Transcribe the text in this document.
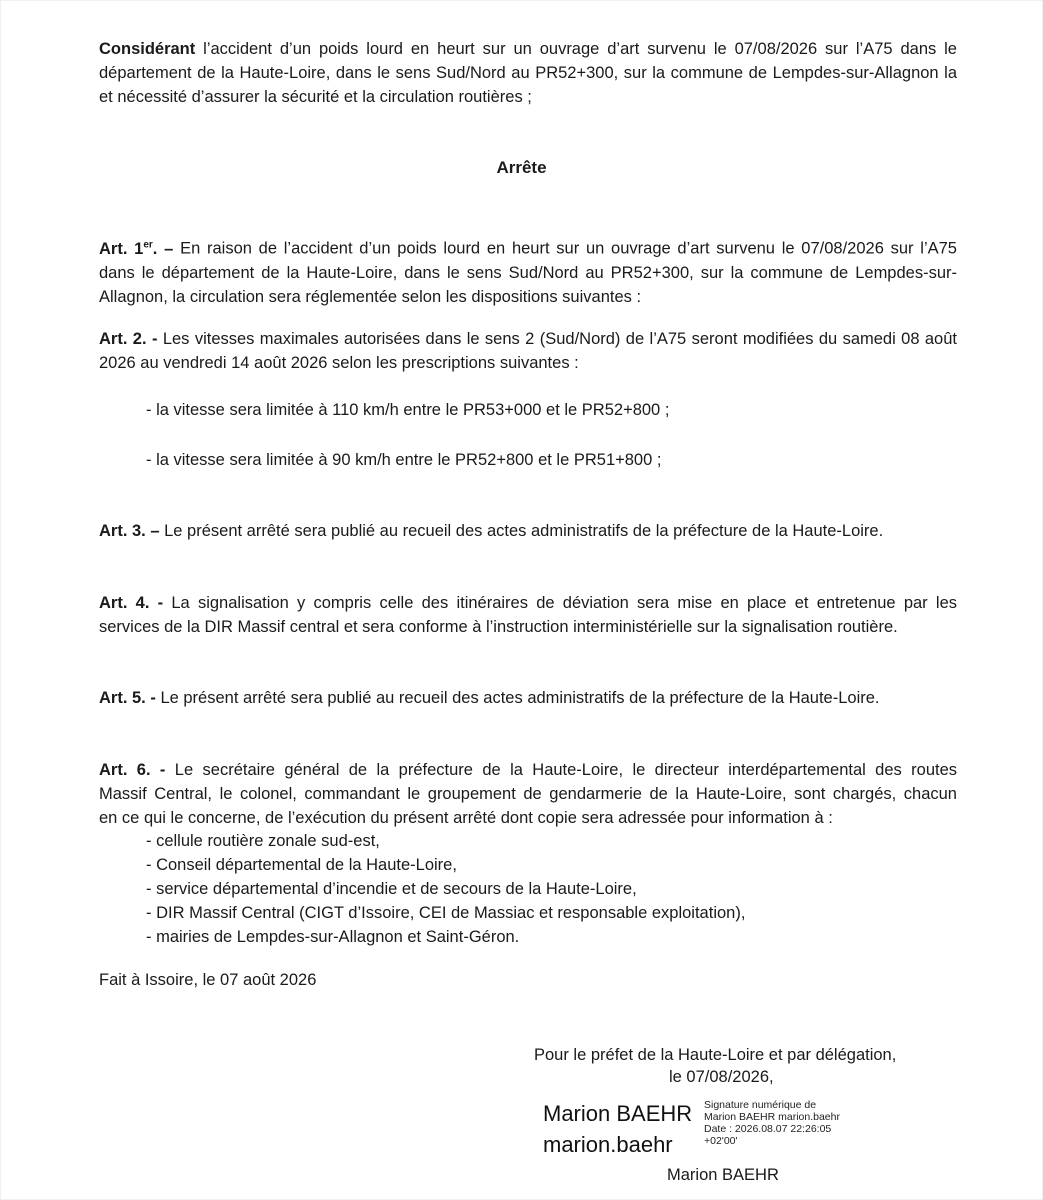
Considérant l’accident d’un poids lourd en heurt sur un ouvrage d’art survenu le 07/08/2026 sur l’A75 dans le
département de la Haute-Loire, dans le sens Sud/Nord au PR52+300, sur la commune de Lempdes-sur-Allagnon la
et nécessité d’assurer la sécurité et la circulation routières ;
Arrête
Art. 1er. – En raison de l’accident d’un poids lourd en heurt sur un ouvrage d’art survenu le 07/08/2026 sur l’A75
dans le département de la Haute-Loire, dans le sens Sud/Nord au PR52+300, sur la commune de Lempdes-sur-
Allagnon, la circulation sera réglementée selon les dispositions suivantes :
Art. 2. - Les vitesses maximales autorisées dans le sens 2 (Sud/Nord) de l’A75 seront modifiées du samedi 08 août
2026 au vendredi 14 août 2026 selon les prescriptions suivantes :
- la vitesse sera limitée à 110 km/h entre le PR53+000 et le PR52+800 ;
- la vitesse sera limitée à 90 km/h entre le PR52+800 et le PR51+800 ;
Art. 3. – Le présent arrêté sera publié au recueil des actes administratifs de la préfecture de la Haute-Loire.
Art. 4. - La signalisation y compris celle des itinéraires de déviation sera mise en place et entretenue par les
services de la DIR Massif central et sera conforme à l’instruction interministérielle sur la signalisation routière.
Art. 5. - Le présent arrêté sera publié au recueil des actes administratifs de la préfecture de la Haute-Loire.
Art. 6. - Le secrétaire général de la préfecture de la Haute-Loire, le directeur interdépartemental des routes
Massif Central, le colonel, commandant le groupement de gendarmerie de la Haute-Loire, sont chargés, chacun
en ce qui le concerne, de l’exécution du présent arrêté dont copie sera adressée pour information à :
- cellule routière zonale sud-est,
- Conseil départemental de la Haute-Loire,
- service départemental d’incendie et de secours de la Haute-Loire,
- DIR Massif Central (CIGT d’Issoire, CEI de Massiac et responsable exploitation),
- mairies de Lempdes-sur-Allagnon et Saint-Géron.
Fait à Issoire, le 07 août 2026
Pour le préfet de la Haute-Loire et par délégation,
le 07/08/2026,
Marion BAEHR
marion.baehr
Signature numérique de
Marion BAEHR marion.baehr
Date : 2026.08.07 22:26:05
+02'00'
Marion BAEHR
